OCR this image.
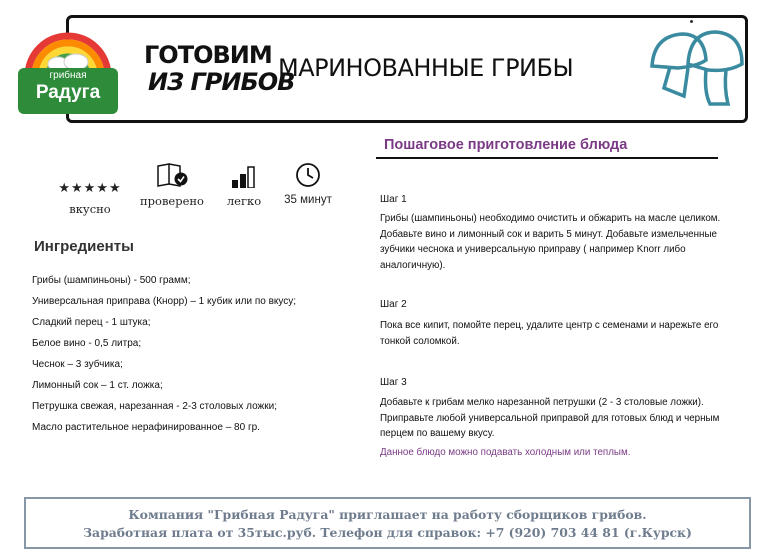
грибная
Радуга
ГОТОВИМ
ИЗ ГРИБОВ
МАРИНОВАННЫЕ ГРИБЫ
★★★★★
вкусно
проверено	легко	35 минут
Ингредиенты
Грибы (шампиньоны) - 500 грамм;
Универсальная приправа (Кнорр) – 1 кубик или по вкусу;
Сладкий перец - 1 штука;
Белое вино - 0,5 литра;
Чеснок – 3 зубчика;
Лимонный сок – 1 ст. ложка;
Петрушка свежая, нарезанная - 2-3 столовых ложки;
Масло растительное нерафинированное – 80 гр.
Пошаговое приготовление блюда
Шаг 1
Грибы (шампиньоны) необходимо очистить и обжарить на масле целиком. Добавьте вино и лимонный сок и варить 5 минут. Добавьте измельченные зубчики чеснока и универсальную приправу ( например Knorr либо аналогичную).
Шаг 2
Пока все кипит, помойте перец, удалите центр с семенами и нарежьте его тонкой соломкой.
Шаг 3
Добавьте к грибам мелко нарезанной петрушки (2 - 3 столовые ложки). Приправьте любой универсальной приправой для готовых блюд и черным перцем по вашему вкусу.
Данное блюдо можно подавать холодным или теплым.
Компания "Грибная Радуга" приглашает на работу сборщиков грибов.
Заработная плата от 35тыс.руб. Телефон для справок: +7 (920) 703 44 81 (г.Курск)
